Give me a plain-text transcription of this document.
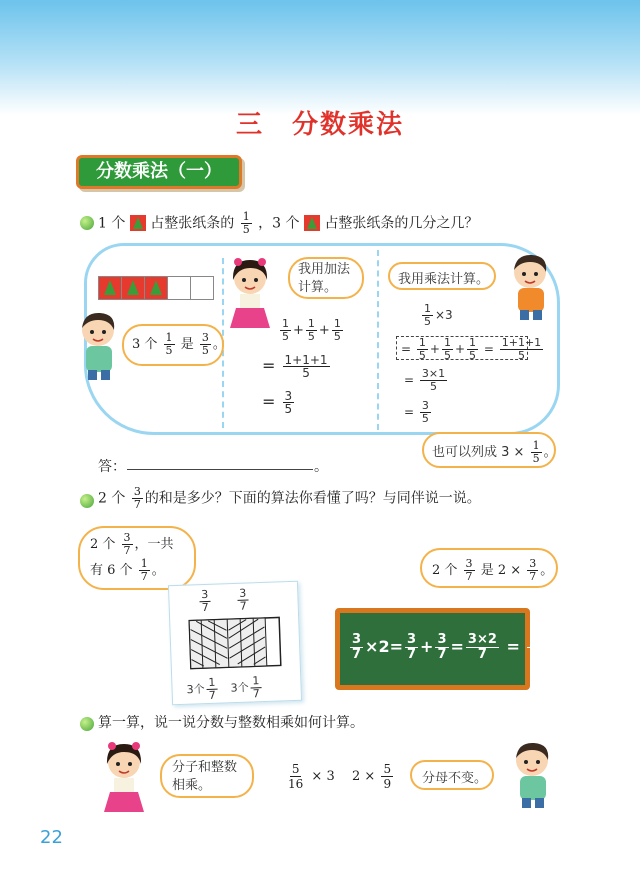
三 分数乘法
分数乘法（一）
1 个 占整张纸条的 $\frac{1}{5}$ ，3 个 占整张纸条的几分之几？
3 个 $\frac{1}{5}$ 是 $\frac{3}{5}$ 。
我用加法
计算。
$\frac{1}{5} + \frac{1}{5} + \frac{1}{5}$
= $\frac{1+1+1}{5}$
= $\frac{3}{5}$
我用乘法计算。
$\frac{1}{5} \times 3$
= $\frac{1}{5} + \frac{1}{5} + \frac{1}{5} = \frac{1+1+1}{5}$
= $\frac{3\times 1}{5}$
= $\frac{3}{5}$
也可以列成 $3 \times \frac{1}{5}$ 。
答：	。
2 个 $\frac{3}{7}$ 的和是多少？下面的算法你看懂了吗？与同伴说一说。
2 个 $\frac{3}{7}$ ，一共
有 6 个 $\frac{1}{7}$ 。	2 个 $\frac{3}{7}$ 是 $2 \times \frac{3}{7}$ 。
$\frac{3}{7} \frac{3}{7}$
3个 $\frac{1}{7} 3$个 $\frac{1}{7}$
$\frac{3}{7} \times 2= \frac{3}{7} + \frac{3}{7} = \frac{3\times 2}{7} = \frac{6}{7}$
算一算，说一说分数与整数相乘如何计算。
分子和整数
相乘。	$\frac{5}{16} \times 3$ $2 \times \frac{5}{9}$	分母不变。
22
